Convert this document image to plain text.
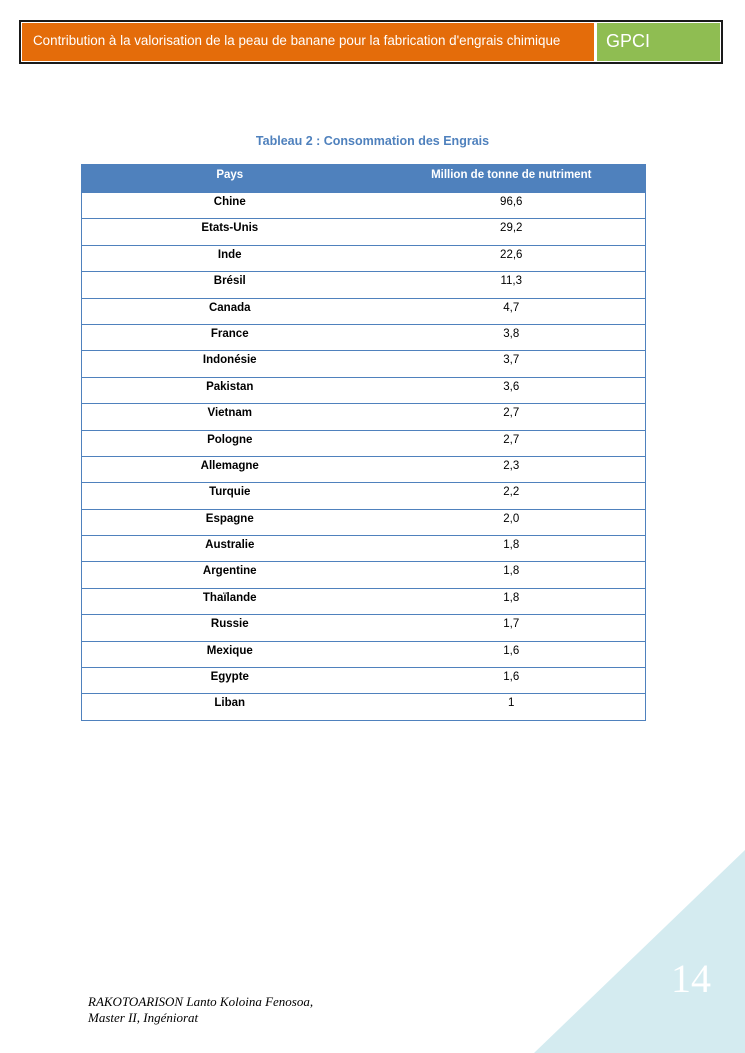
Contribution à la valorisation de la peau de banane pour la fabrication d'engrais chimique	GPCI
Tableau 2 : Consommation des Engrais
Pays	Million de tonne de nutriment
Chine	96,6
Etats-Unis	29,2
Inde	22,6
Brésil	11,3
Canada	4,7
France	3,8
Indonésie	3,7
Pakistan	3,6
Vietnam	2,7
Pologne	2,7
Allemagne	2,3
Turquie	2,2
Espagne	2,0
Australie	1,8
Argentine	1,8
Thaïlande	1,8
Russie	1,7
Mexique	1,6
Egypte	1,6
Liban	1
14
RAKOTOARISON Lanto Koloina Fenosoa,
Master II, Ingéniorat
